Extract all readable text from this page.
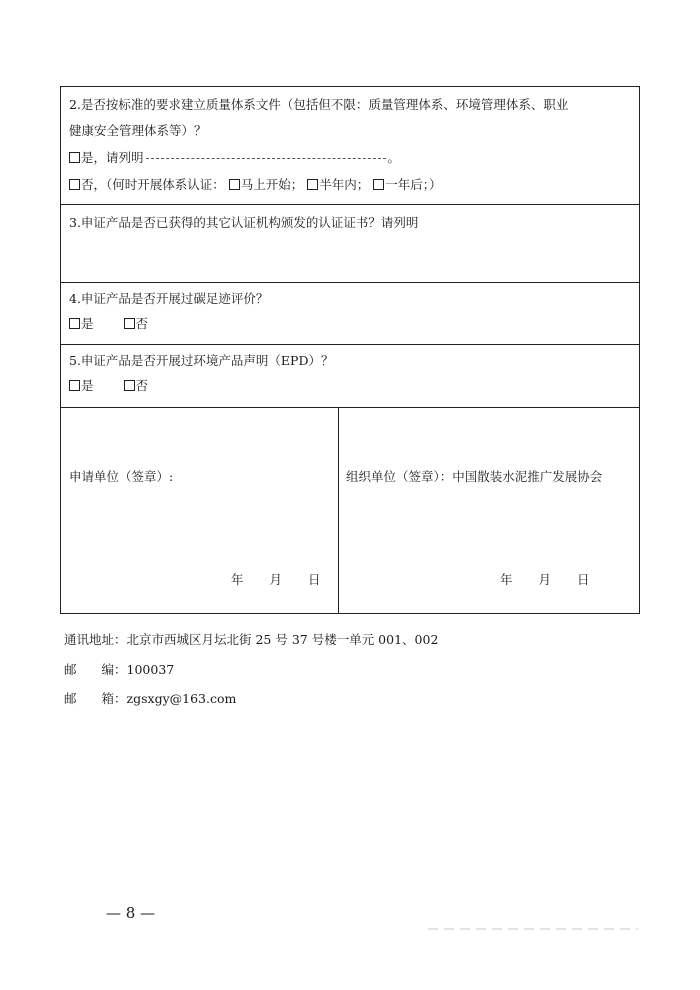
2.是否按标准的要求建立质量体系文件（包括但不限：质量管理体系、环境管理体系、职业
健康安全管理体系等）？
是，请列明	。
否，（何时开展体系认证： 马上开始； 半年内； 一年后；）
3.申证产品是否已获得的其它认证机构颁发的认证证书？请列明
4.申证产品是否开展过碳足迹评价？
是	否
5.申证产品是否开展过环境产品声明（EPD）？
是	否
申请单位（签章）:
年 月 日
组织单位（签章）：中国散装水泥推广发展协会
年 月 日
通讯地址：北京市西城区月坛北街 25 号 37 号楼一单元 001、002
邮　　编：100037
邮　　箱：zgsxgy@163.com
— 8 —
